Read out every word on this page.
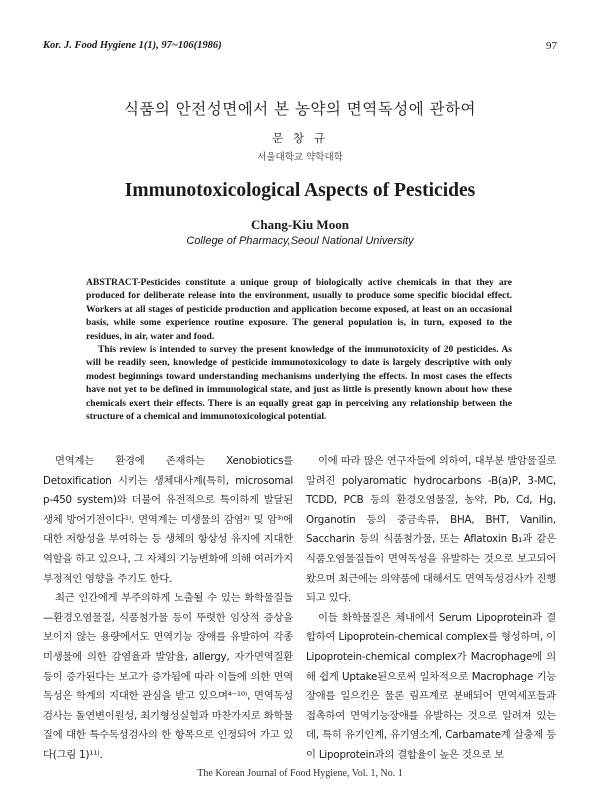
Kor. J. Food Hygiene 1(1), 97~106(1986)	97
식품의 안전성면에서 본 농약의 면역독성에 관하여
문 창 규
서울대학교 약학대학
Immunotoxicological Aspects of Pesticides
Chang-Kiu Moon
College of Pharmacy,Seoul National University

ABSTRACT-Pesticides constitute a unique group of biologically active chemicals in that they are produced for deliberate release into the environment, usually to produce some specific biocidal effect. Workers at all stages of pesticide production and application become exposed, at least on an occasional basis, while some experience routine exposure. The general population is, in turn, exposed to the residues, in air, water and food.

This review is intended to survey the present knowledge of the immunotoxicity of 20 pesticides. As will be readily seen, knowledge of pesticide immunotoxicology to date is largely descriptive with only modest beginnings toward understanding mechanisms underlying the effects. In most cases the effects have not yet to be defined in immunological state, and just as little is presently known about how these chemicals exert their effects. There is an equally great gap in perceiving any relationship between the structure of a chemical and immunotoxicological potential.

면역계는 환경에 존재하는 Xenobiotics를 Detoxification 시키는 생체대사계(특히, microsomal p-450 system)와 더불어 유전적으로 특이하게 발달된 생체 방어기전이다¹⁾. 면역계는 미생물의 감염²⁾ 및 암³⁾에 대한 저항성을 부여하는 등 생체의 항상성 유지에 지대한 역할을 하고 있으나, 그 자체의 기능변화에 의해 여러가지 부정적인 영향을 주기도 한다.

최근 인간에게 부주의하게 노출될 수 있는 화학물질들—환경오염물질, 식품첨가물 등이 뚜렷한 임상적 증상을 보이지 않는 용량에서도 면역기능 장애를 유발하여 각종 미생물에 의한 감염율과 발암율, allergy, 자가면역질환 등이 증가된다는 보고가 증가됨에 따라 이들에 의한 면역독성은 학계의 지대한 관심을 받고 있으며⁴⁻¹⁰⁾, 면역독성검사는 돌연변이원성, 최기형성실험과 마찬가지로 화학물질에 대한 특수독성검사의 한 항목으로 인정되어 가고 있다(그림 1)¹¹⁾.

이에 따라 많은 연구자들에 의하여, 대부분 발암물질로 알려진 polyaromatic hydrocarbons -B(a)P, 3-MC, TCDD, PCB 등의 환경오염물질, 농약, Pb, Cd, Hg, Organotin 등의 중금속류, BHA, BHT, Vanilin, Saccharin 등의 식품첨가물, 또는 Aflatoxin B₁과 같은 식품오염물질들이 면역독성을 유발하는 것으로 보고되어 왔으며 최근에는 의약품에 대해서도 면역독성검사가 진행되고 있다.

이들 화학물질은 체내에서 Serum Lipoprotein과 결합하여 Lipoprotein-chemical complex를 형성하며, 이 Lipoprotein-chemical complex가 Macrophage에 의해 쉽게 Uptake된으로써 일차적으로 Macrophage 기능 장애를 일으킨은 물론 림프계로 분배되어 면역세포들과 접촉하여 면역기능장애를 유발하는 것으로 알려져 있는데, 특히 유기인계, 유기염소계, Carbamate계 살충제 등이 Lipoprotein과의 결합율이 높은 것으로 보

The Korean Journal of Food Hygiene, Vol. 1, No. 1
